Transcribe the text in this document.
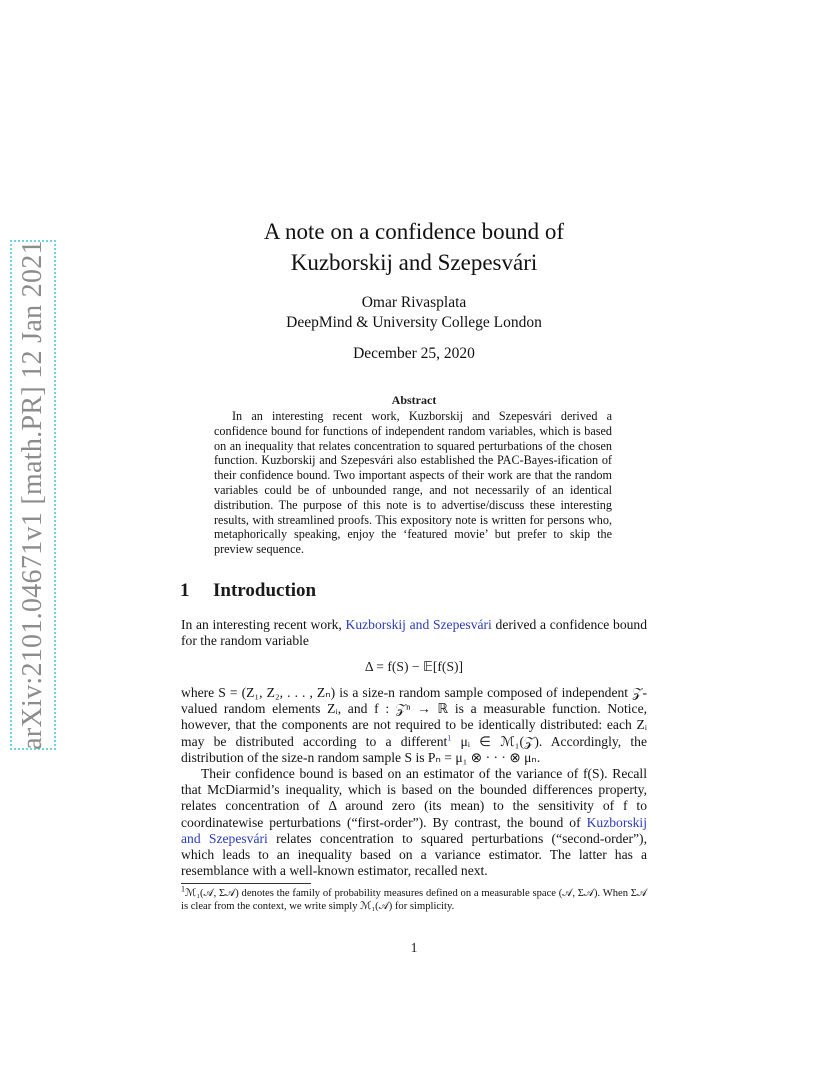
arXiv:2101.04671v1 [math.PR] 12 Jan 2021
A note on a confidence bound of
Kuzborskij and Szepesvári
Omar Rivasplata
DeepMind & University College London
December 25, 2020
Abstract
In an interesting recent work, Kuzborskij and Szepesvári derived a confidence bound for functions of independent random variables, which is based on an inequality that relates concentration to squared perturbations of the chosen function. Kuzborskij and Szepesvári also established the PAC-Bayes-ification of their confidence bound. Two important aspects of their work are that the random variables could be of unbounded range, and not necessarily of an identical distribution. The purpose of this note is to advertise/discuss these interesting results, with streamlined proofs. This expository note is written for persons who, metaphorically speaking, enjoy the ‘featured movie’ but prefer to skip the preview sequence.
1 Introduction

In an interesting recent work, Kuzborskij and Szepesvári derived a confidence bound for the random variable

Δ = f(S) − 𝔼[f(S)]

where S = (Z₁, Z₂, . . . , Zₙ) is a size-n random sample composed of independent 𝒵-valued random elements Zᵢ, and f : 𝒵ⁿ → ℝ is a measurable function. Notice, however, that the components are not required to be identically distributed: each Zᵢ may be distributed according to a different$^1$ μᵢ ∈ ℳ₁(𝒵). Accordingly, the distribution of the size-n random sample S is Pₙ = μ₁ ⊗ · · · ⊗ μₙ.

Their confidence bound is based on an estimator of the variance of f(S). Recall that McDiarmid’s inequality, which is based on the bounded differences property, relates concentration of Δ around zero (its mean) to the sensitivity of f to coordinatewise perturbations (“first-order”). By contrast, the bound of Kuzborskij and Szepesvári relates concentration to squared perturbations (“second-order”), which leads to an inequality based on a variance estimator. The latter has a resemblance with a well-known estimator, recalled next.

$^1$ℳ₁(𝒜, Σ𝒜) denotes the family of probability measures defined on a measurable space (𝒜, Σ𝒜). When Σ𝒜 is clear from the context, we write simply ℳ₁(𝒜) for simplicity.
1
